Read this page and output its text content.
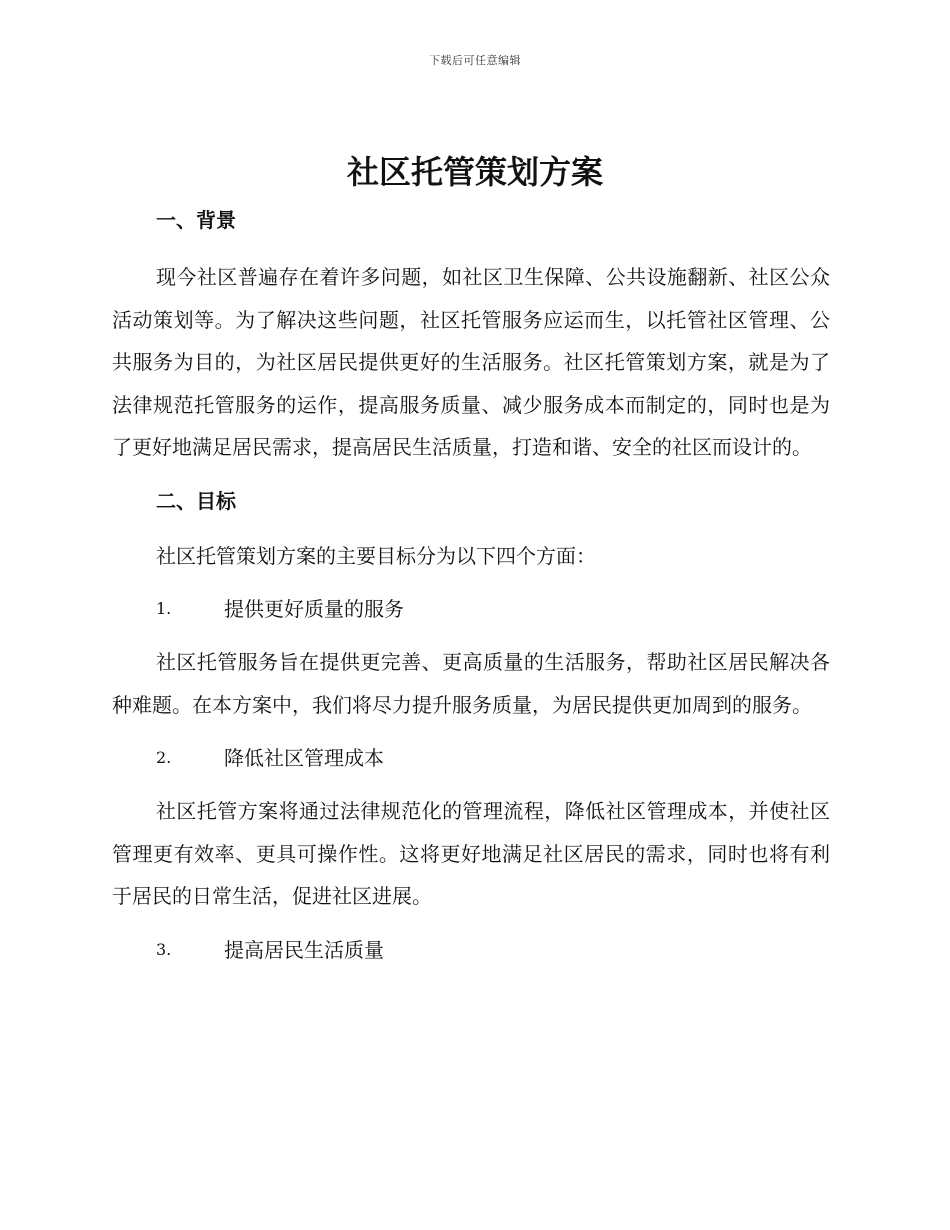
下载后可任意编辑
社区托管策划方案

一、背景

现今社区普遍存在着许多问题，如社区卫生保障、公共设施翻新、社区公众活动策划等。为了解决这些问题，社区托管服务应运而生，以托管社区管理、公共服务为目的，为社区居民提供更好的生活服务。社区托管策划方案，就是为了法律规范托管服务的运作，提高服务质量、减少服务成本而制定的，同时也是为了更好地满足居民需求，提高居民生活质量，打造和谐、安全的社区而设计的。

二、目标

社区托管策划方案的主要目标分为以下四个方面：

1.	提供更好质量的服务

社区托管服务旨在提供更完善、更高质量的生活服务，帮助社区居民解决各种难题。在本方案中，我们将尽力提升服务质量，为居民提供更加周到的服务。

2.	降低社区管理成本

社区托管方案将通过法律规范化的管理流程，降低社区管理成本，并使社区管理更有效率、更具可操作性。这将更好地满足社区居民的需求，同时也将有利于居民的日常生活，促进社区进展。

3.	提高居民生活质量
